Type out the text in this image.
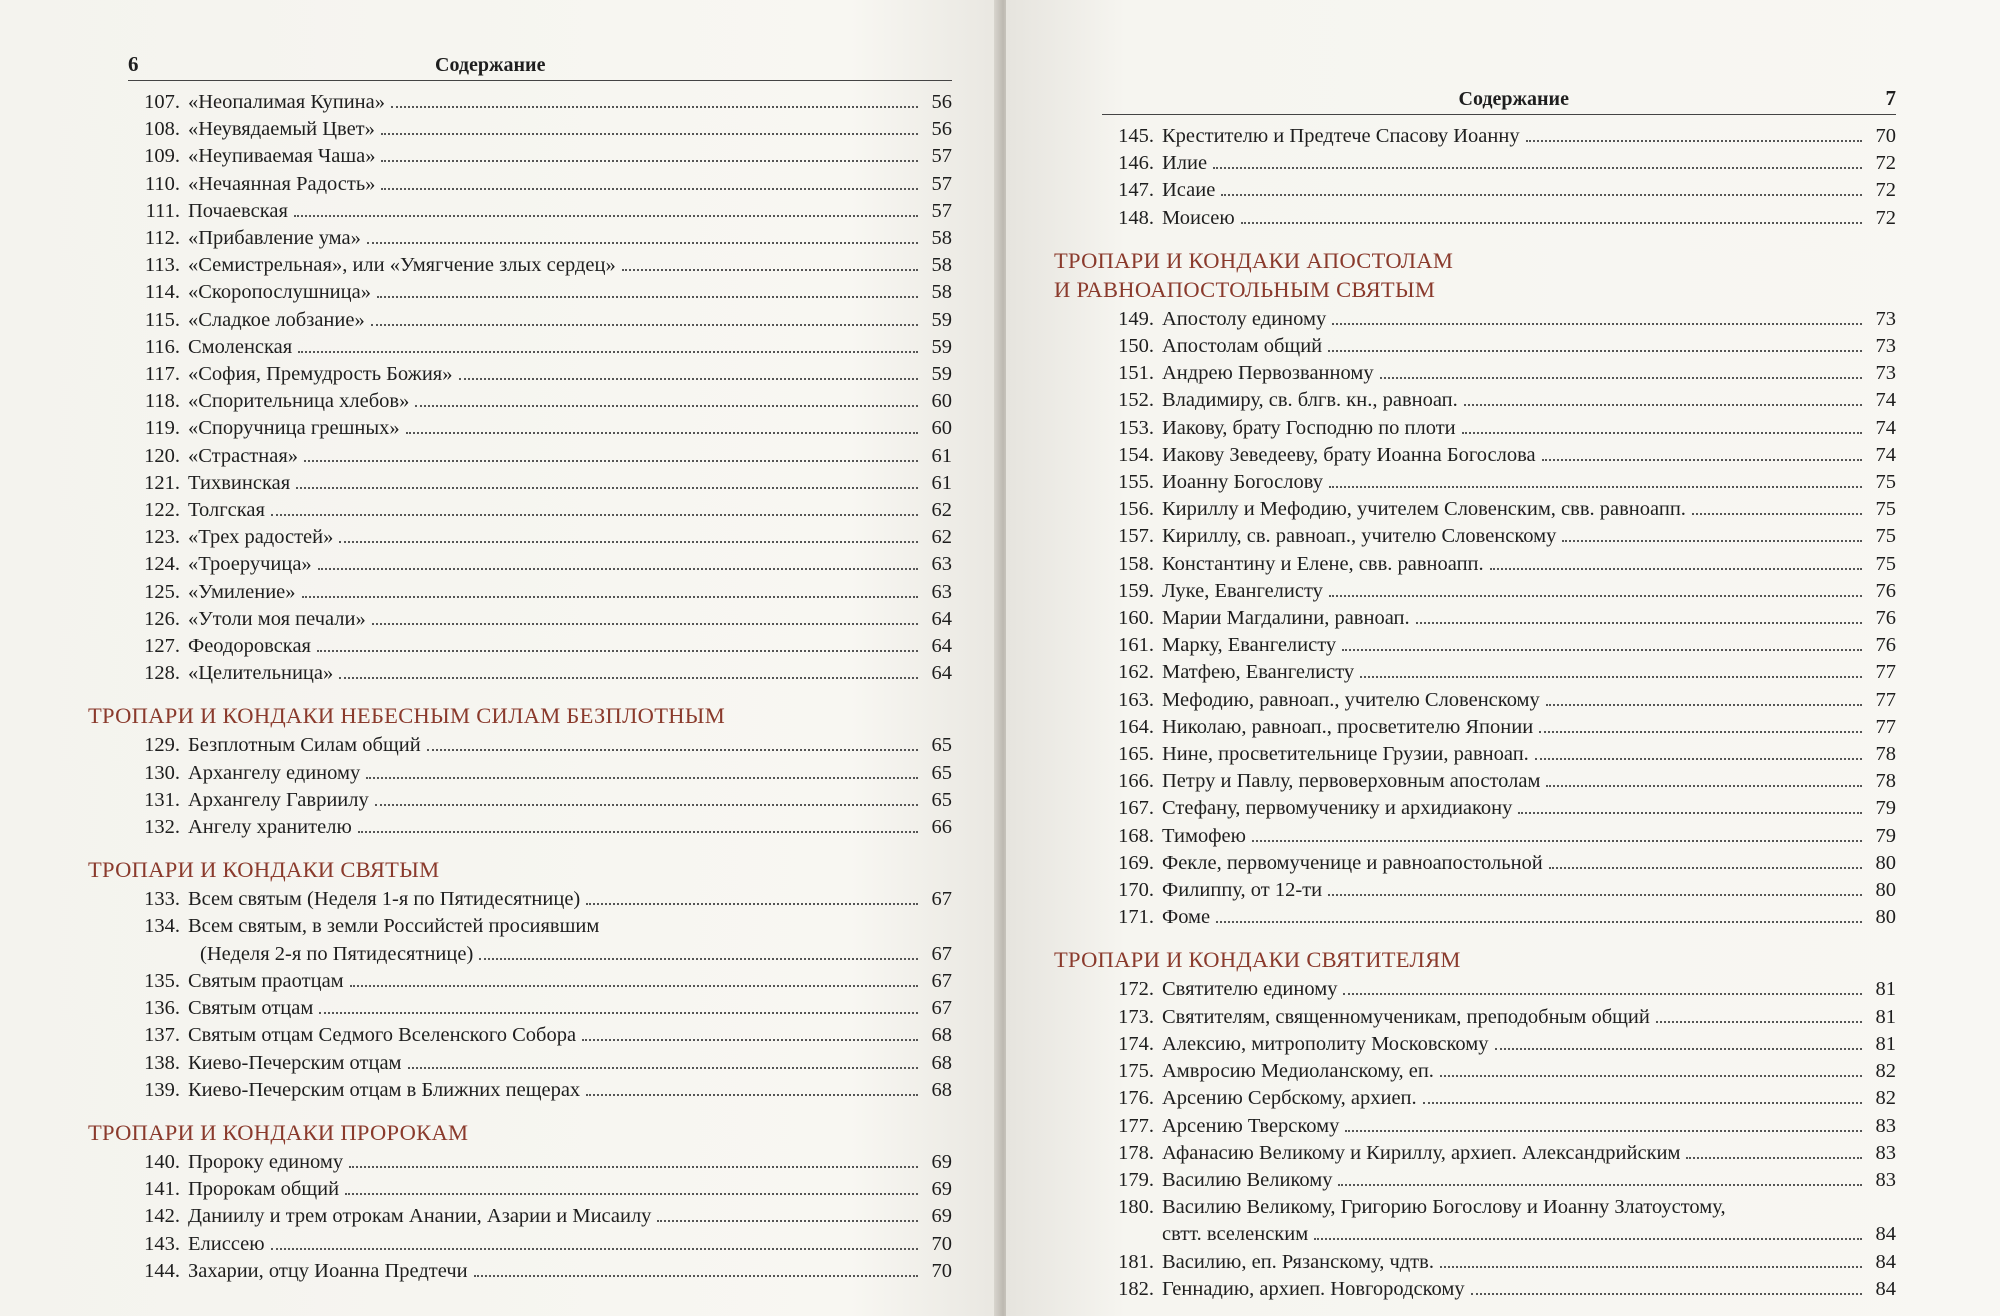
6	Содержание
107. «Неопалимая Купина»	56
108. «Неувядаемый Цвет»	56
109. «Неупиваемая Чаша»	57
110. «Нечаянная Радость»	57
111. Почаевская	57
112. «Прибавление ума»	58
113. «Семистрельная», или «Умягчение злых сердец»	58
114. «Скоропослушница»	58
115. «Сладкое лобзание»	59
116. Смоленская	59
117. «София, Премудрость Божия»	59
118. «Спорительница хлебов»	60
119. «Споручница грешных»	60
120. «Страстная»	61
121. Тихвинская	61
122. Толгская	62
123. «Трех радостей»	62
124. «Троеручица»	63
125. «Умиление»	63
126. «Утоли моя печали»	64
127. Феодоровская	64
128. «Целительница»	64
ТРОПАРИ И КОНДАКИ НЕБЕСНЫМ СИЛАМ БЕЗПЛОТНЫМ
129. Безплотным Силам общий	65
130. Архангелу единому	65
131. Архангелу Гавриилу	65
132. Ангелу хранителю	66
ТРОПАРИ И КОНДАКИ СВЯТЫМ
133. Всем святым (Неделя 1-я по Пятидесятнице)	67
134. Всем святым, в земли Российстей просиявшим
(Неделя 2-я по Пятидесятнице)	67
135. Святым праотцам	67
136. Святым отцам	67
137. Святым отцам Седмого Вселенского Собора	68
138. Киево-Печерским отцам	68
139. Киево-Печерским отцам в Ближних пещерах	68
ТРОПАРИ И КОНДАКИ ПРОРОКАМ
140. Пророку единому	69
141. Пророкам общий	69
142. Даниилу и трем отрокам Анании, Азарии и Мисаилу	69
143. Елиссею	70
144. Захарии, отцу Иоанна Предтечи	70
Содержание	7
145. Крестителю и Предтече Спасову Иоанну	70
146. Илие	72
147. Исаие	72
148. Моисею	72
ТРОПАРИ И КОНДАКИ АПОСТОЛАМ
И РАВНОАПОСТОЛЬНЫМ СВЯТЫМ
149. Апостолу единому	73
150. Апостолам общий	73
151. Андрею Первозванному	73
152. Владимиру, св. блгв. кн., равноап.	74
153. Иакову, брату Господню по плоти	74
154. Иакову Зеведееву, брату Иоанна Богослова	74
155. Иоанну Богослову	75
156. Кириллу и Мефодию, учителем Словенским, свв. равноапп.	75
157. Кириллу, св. равноап., учителю Словенскому	75
158. Константину и Елене, свв. равноапп.	75
159. Луке, Евангелисту	76
160. Марии Магдалини, равноап.	76
161. Марку, Евангелисту	76
162. Матфею, Евангелисту	77
163. Мефодию, равноап., учителю Словенскому	77
164. Николаю, равноап., просветителю Японии	77
165. Нине, просветительнице Грузии, равноап.	78
166. Петру и Павлу, первоверховным апостолам	78
167. Стефану, первомученику и архидиакону	79
168. Тимофею	79
169. Фекле, первомученице и равноапостольной	80
170. Филиппу, от 12-ти	80
171. Фоме	80
ТРОПАРИ И КОНДАКИ СВЯТИТЕЛЯМ
172. Святителю единому	81
173. Святителям, священномученикам, преподобным общий	81
174. Алексию, митрополиту Московскому	81
175. Амвросию Медиоланскому, еп.	82
176. Арсению Сербскому, архиеп.	82
177. Арсению Тверскому	83
178. Афанасию Великому и Кириллу, архиеп. Александрийским	83
179. Василию Великому	83
180. Василию Великому, Григорию Богослову и Иоанну Златоустому,
свтт. вселенским	84
181. Василию, еп. Рязанскому, чдтв.	84
182. Геннадию, архиеп. Новгородскому	84
